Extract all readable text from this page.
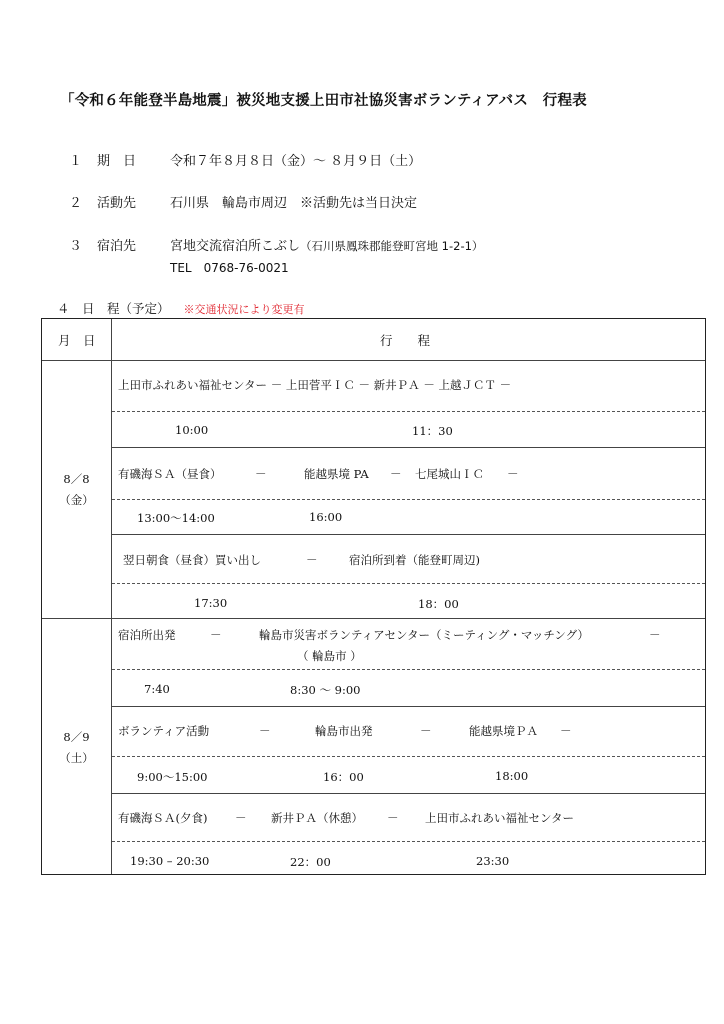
「令和６年能登半島地震」被災地支援上田市社協災害ボランティアバス　行程表
１ 期　日	令和７年８月８日（金）～ ８月９日（土）
２ 活動先	石川県　輪島市周辺　※活動先は当日決定
３ 宿泊先	宮地交流宿泊所こぶし（石川県鳳珠郡能登町宮地 1-2-1）
TEL　0768-76-0021
４　日　程（予定） ※交通状況により変更有
月　日	行　　程
8／8
（金）
上田市ふれあい福祉センター － 上田菅平ＩＣ － 新井ＰＡ － 上越ＪＣＴ －
10:00	11：30
有磯海ＳＡ（昼食）	－	能越県境 PA － 七尾城山ＩＣ －
13:00～14:00	16:00
翌日朝食（昼食）買い出し	－	宿泊所到着（能登町周辺)
17:30	18：00
8／9
（土）
宿泊所出発	－	輪島市災害ボランティアセンター（ミーティング・マッチング）	－
（ 輪島市 ）
7:40	8:30 ～ 9:00
ボランティア活動	－	輪島市出発	－	能越県境ＰＡ －
9:00～15:00	16：00	18:00
有磯海ＳＡ(夕食) － 新井ＰＡ（休憩） － 上田市ふれあい福祉センター
19:30 – 20:30	22：00	23:30
